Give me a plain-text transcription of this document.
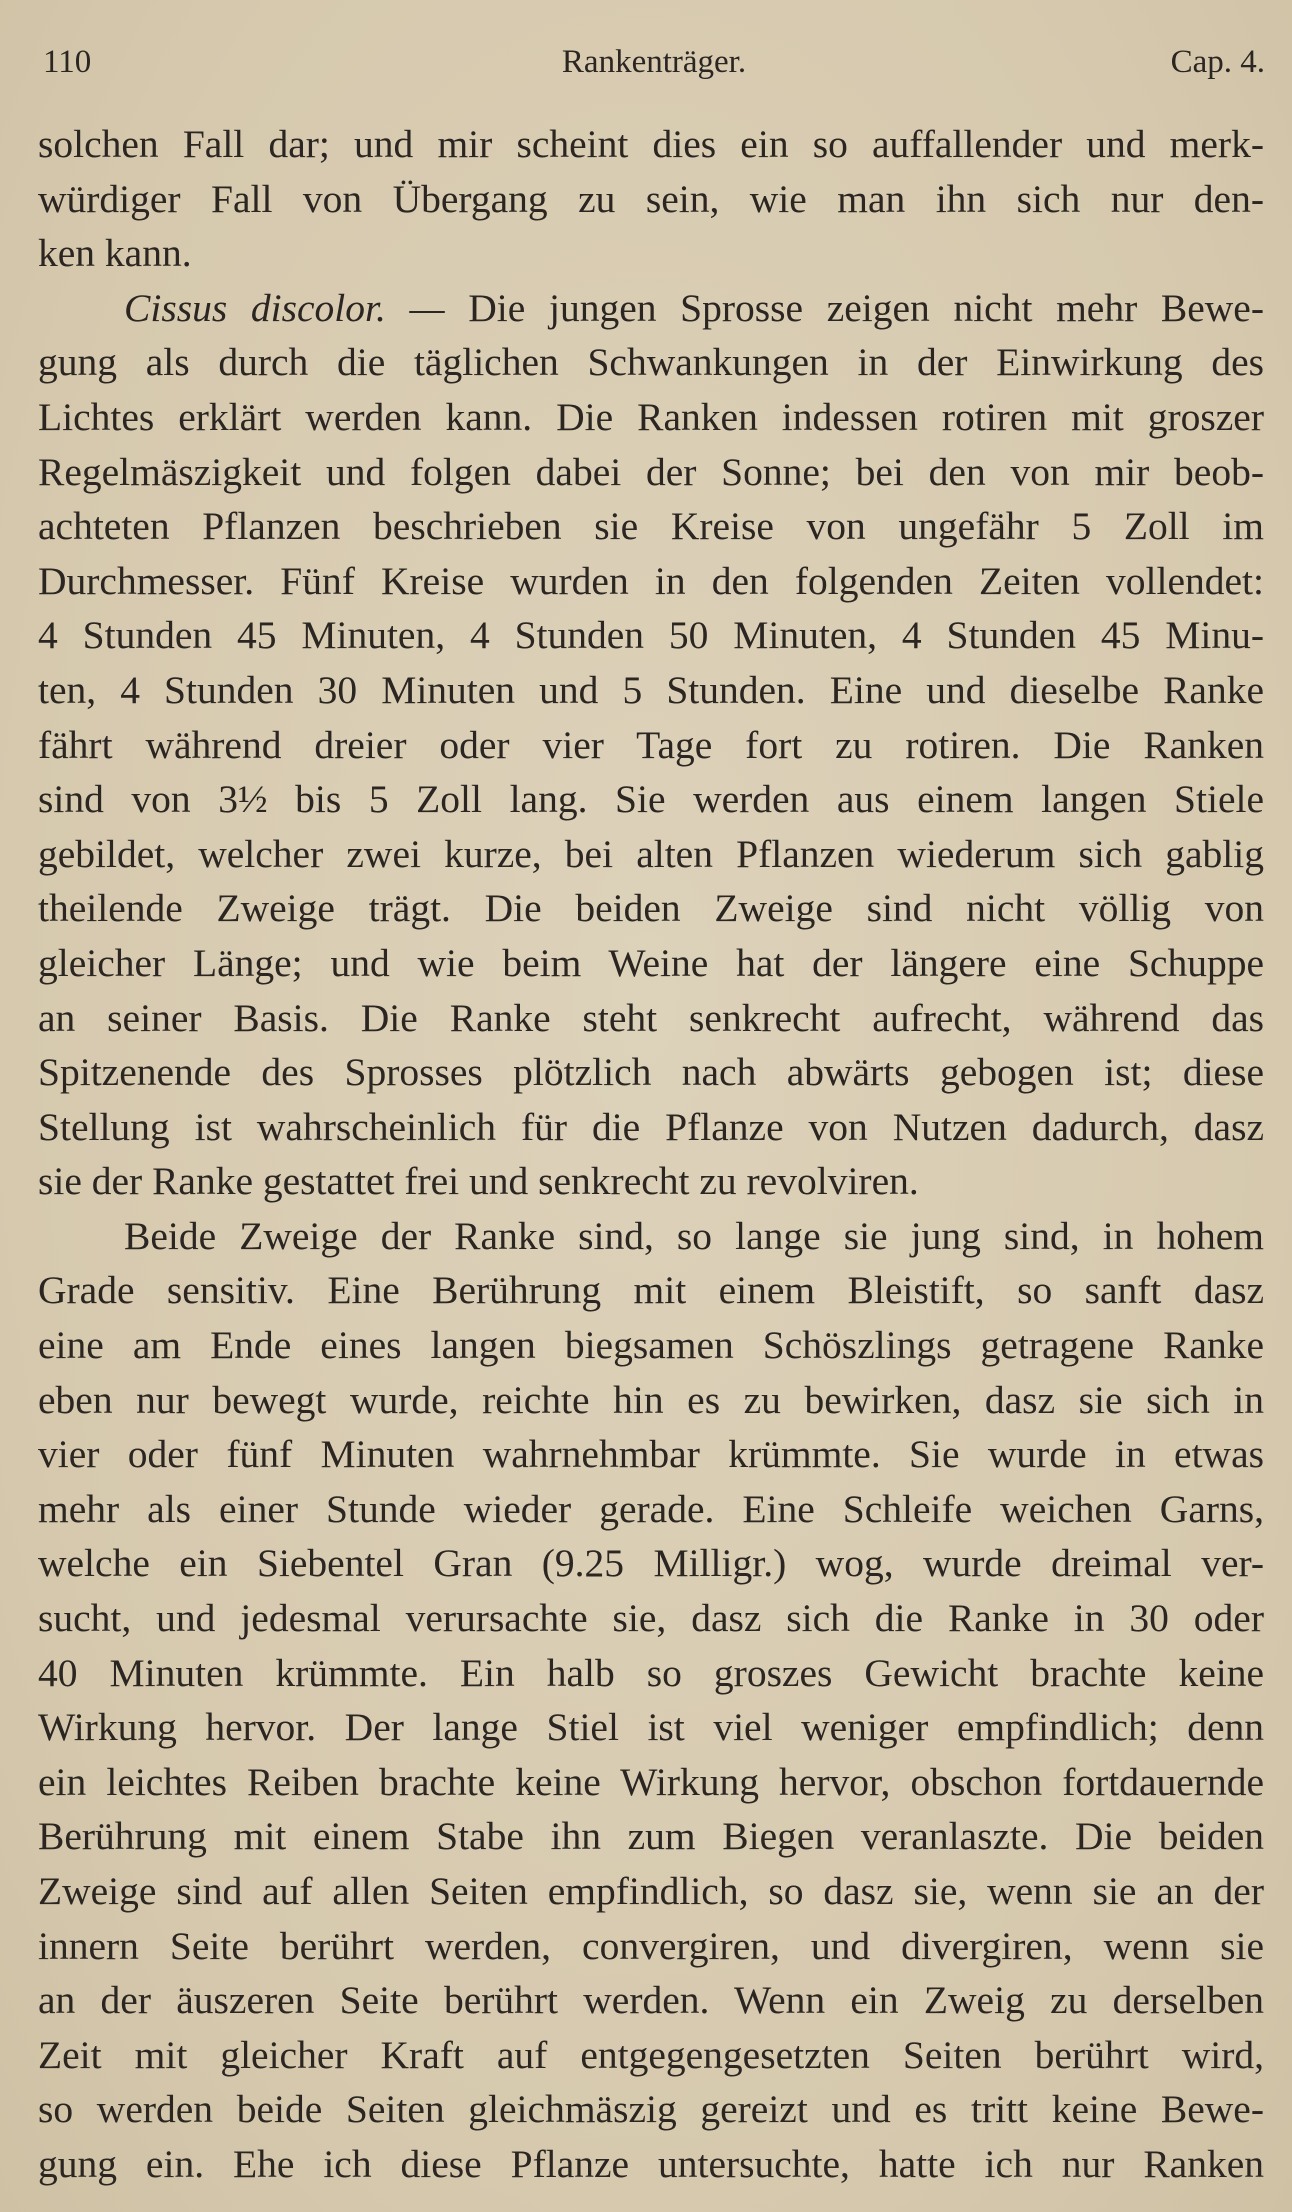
110	Rankenträger.	Cap. 4.
solchen Fall dar; und mir scheint dies ein so auffallender und merk-
würdiger Fall von Übergang zu sein, wie man ihn sich nur den-
ken kann.
Cissus discolor. — Die jungen Sprosse zeigen nicht mehr Bewe-
gung als durch die täglichen Schwankungen in der Einwirkung des
Lichtes erklärt werden kann. Die Ranken indessen rotiren mit groszer
Regelmäszigkeit und folgen dabei der Sonne; bei den von mir beob-
achteten Pflanzen beschrieben sie Kreise von ungefähr 5 Zoll im
Durchmesser. Fünf Kreise wurden in den folgenden Zeiten vollendet:
4 Stunden 45 Minuten, 4 Stunden 50 Minuten, 4 Stunden 45 Minu-
ten, 4 Stunden 30 Minuten und 5 Stunden. Eine und dieselbe Ranke
fährt während dreier oder vier Tage fort zu rotiren. Die Ranken
sind von 3½ bis 5 Zoll lang. Sie werden aus einem langen Stiele
gebildet, welcher zwei kurze, bei alten Pflanzen wiederum sich gablig
theilende Zweige trägt. Die beiden Zweige sind nicht völlig von
gleicher Länge; und wie beim Weine hat der längere eine Schuppe
an seiner Basis. Die Ranke steht senkrecht aufrecht, während das
Spitzenende des Sprosses plötzlich nach abwärts gebogen ist; diese
Stellung ist wahrscheinlich für die Pflanze von Nutzen dadurch, dasz
sie der Ranke gestattet frei und senkrecht zu revolviren.
Beide Zweige der Ranke sind, so lange sie jung sind, in hohem
Grade sensitiv. Eine Berührung mit einem Bleistift, so sanft dasz
eine am Ende eines langen biegsamen Schöszlings getragene Ranke
eben nur bewegt wurde, reichte hin es zu bewirken, dasz sie sich in
vier oder fünf Minuten wahrnehmbar krümmte. Sie wurde in etwas
mehr als einer Stunde wieder gerade. Eine Schleife weichen Garns,
welche ein Siebentel Gran (9.25 Milligr.) wog, wurde dreimal ver-
sucht, und jedesmal verursachte sie, dasz sich die Ranke in 30 oder
40 Minuten krümmte. Ein halb so groszes Gewicht brachte keine
Wirkung hervor. Der lange Stiel ist viel weniger empfindlich; denn
ein leichtes Reiben brachte keine Wirkung hervor, obschon fortdauernde
Berührung mit einem Stabe ihn zum Biegen veranlaszte. Die beiden
Zweige sind auf allen Seiten empfindlich, so dasz sie, wenn sie an der
innern Seite berührt werden, convergiren, und divergiren, wenn sie
an der äuszeren Seite berührt werden. Wenn ein Zweig zu derselben
Zeit mit gleicher Kraft auf entgegengesetzten Seiten berührt wird,
so werden beide Seiten gleichmäszig gereizt und es tritt keine Bewe-
gung ein. Ehe ich diese Pflanze untersuchte, hatte ich nur Ranken
